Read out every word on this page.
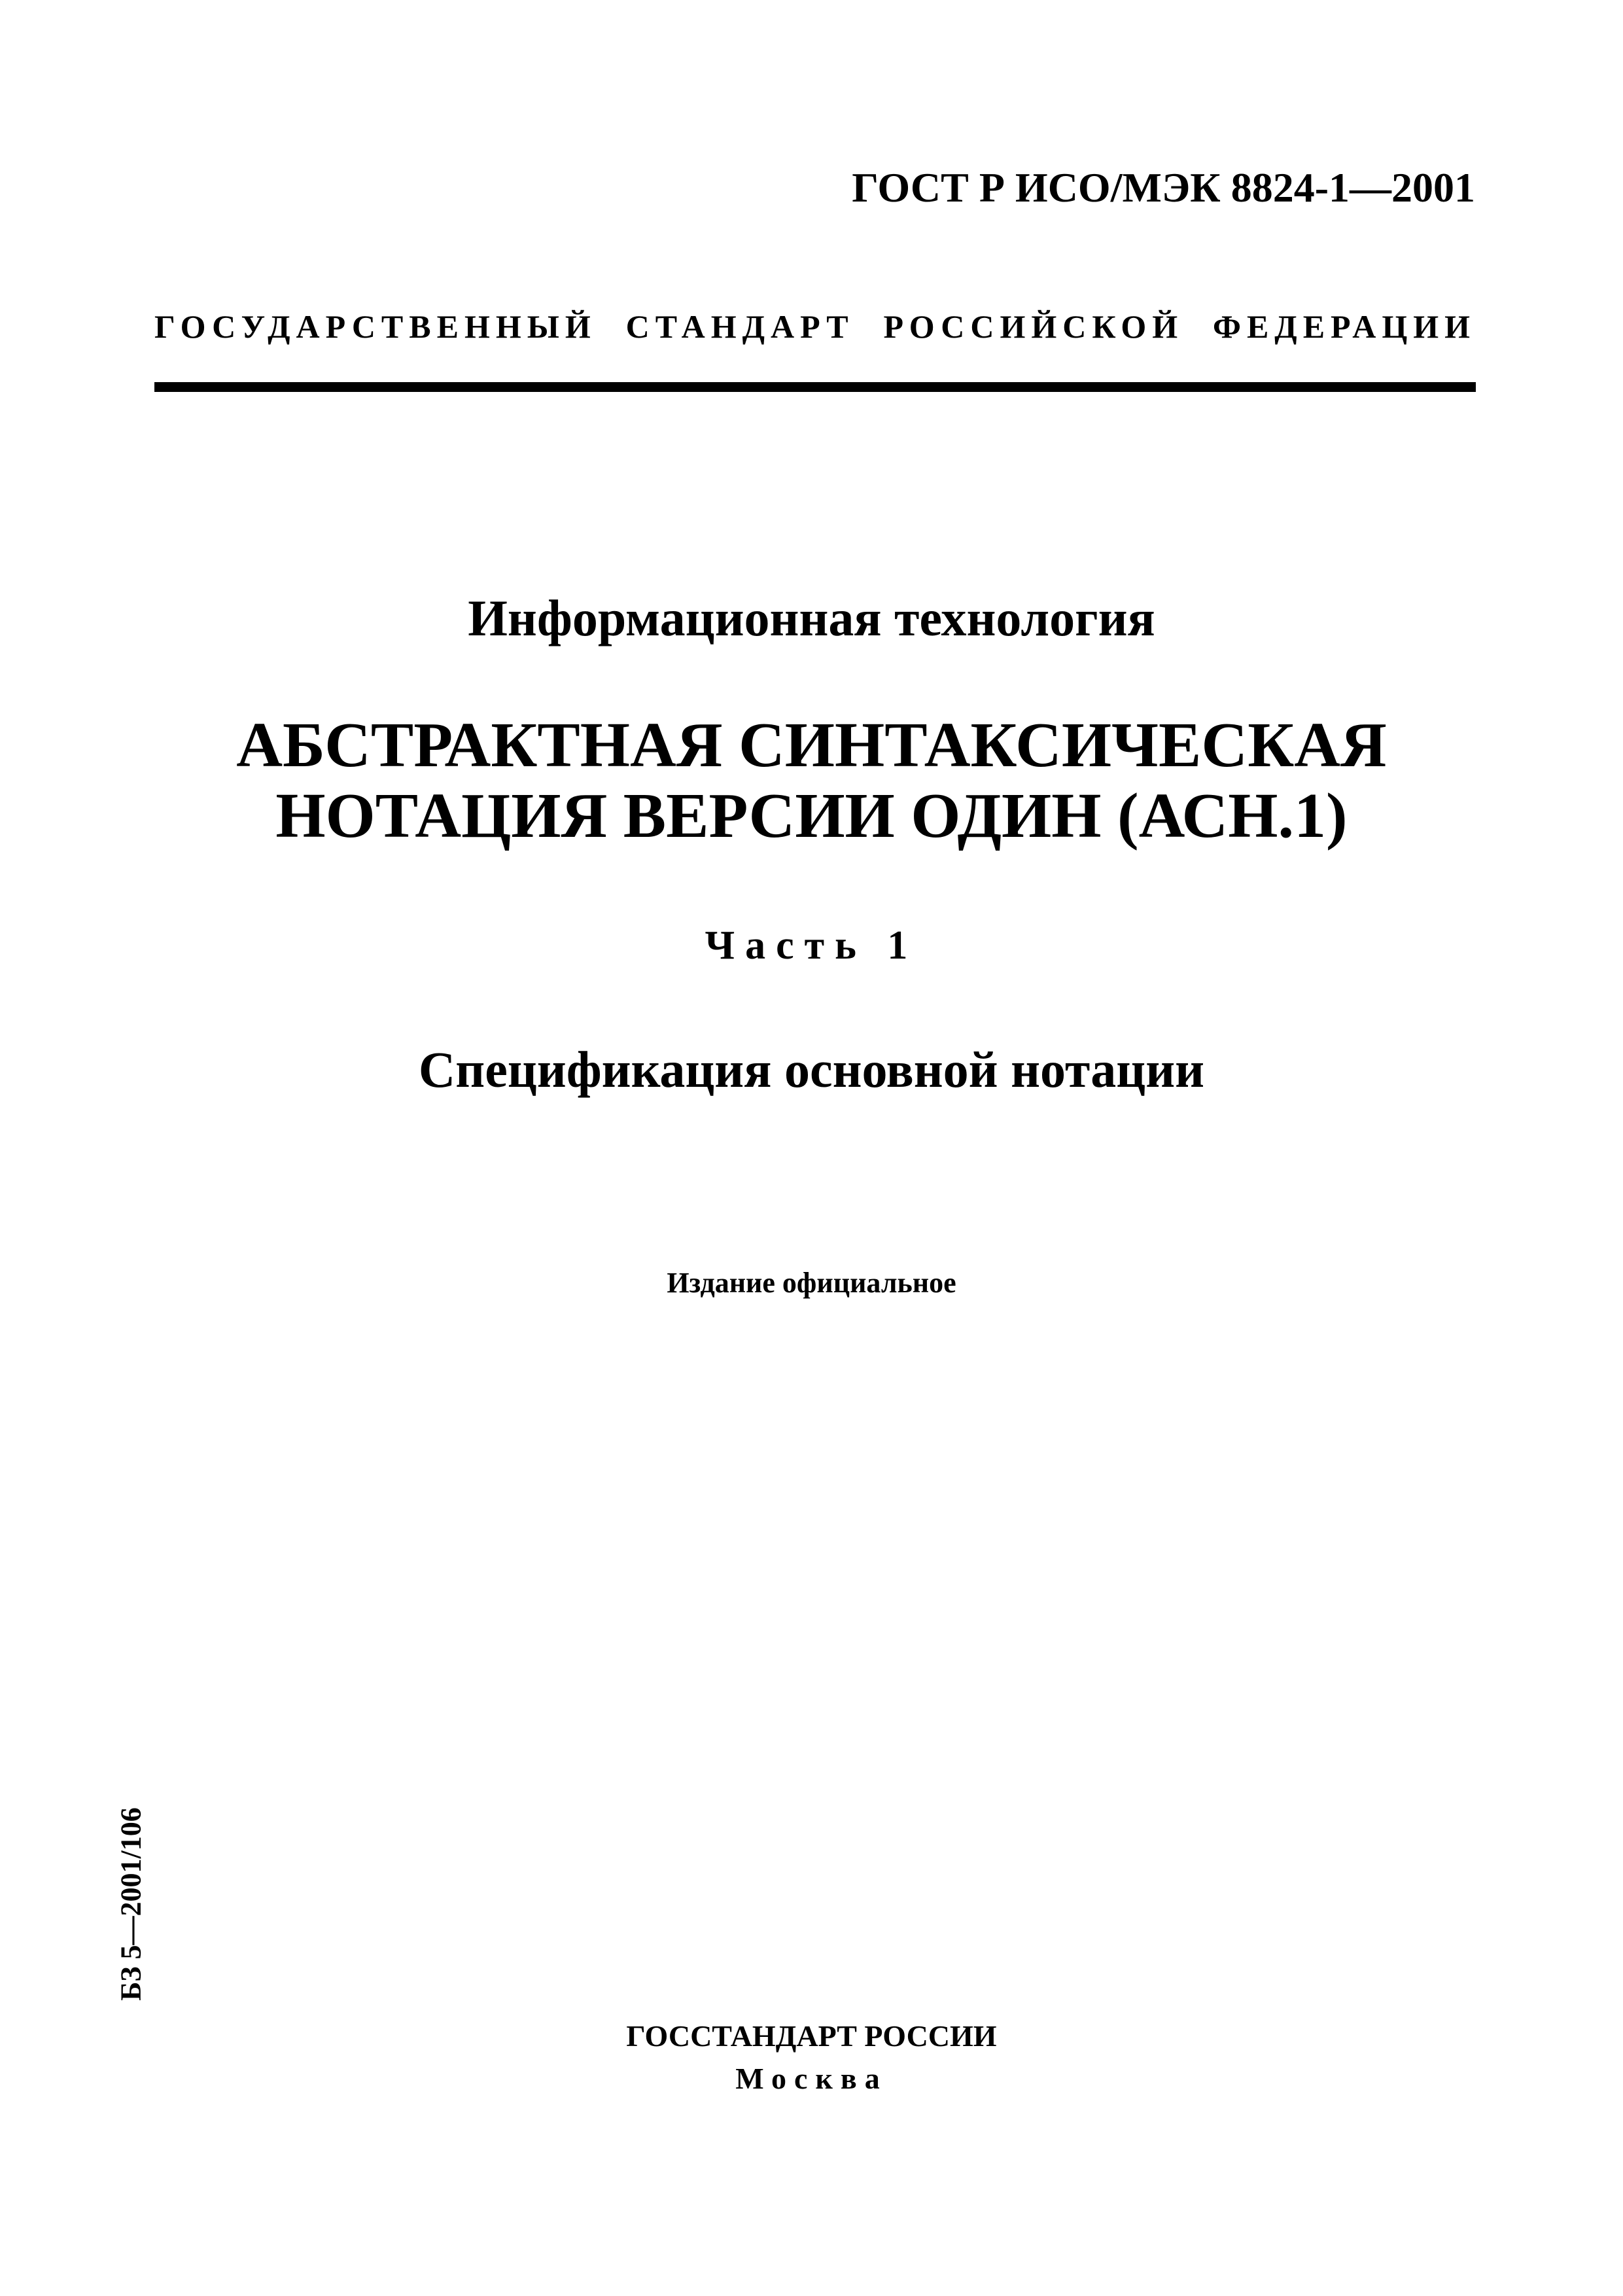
ГОСТ Р ИСО/МЭК 8824-1—2001
ГОСУДАРСТВЕННЫЙ СТАНДАРТ РОССИЙСКОЙ ФЕДЕРАЦИИ
Информационная технология
АБСТРАКТНАЯ СИНТАКСИЧЕСКАЯ
НОТАЦИЯ ВЕРСИИ ОДИН (АСН.1)
Часть 1
Спецификация основной нотации
Издание официальное
БЗ 5—2001/106
ГОССТАНДАРТ РОССИИ
Москва
